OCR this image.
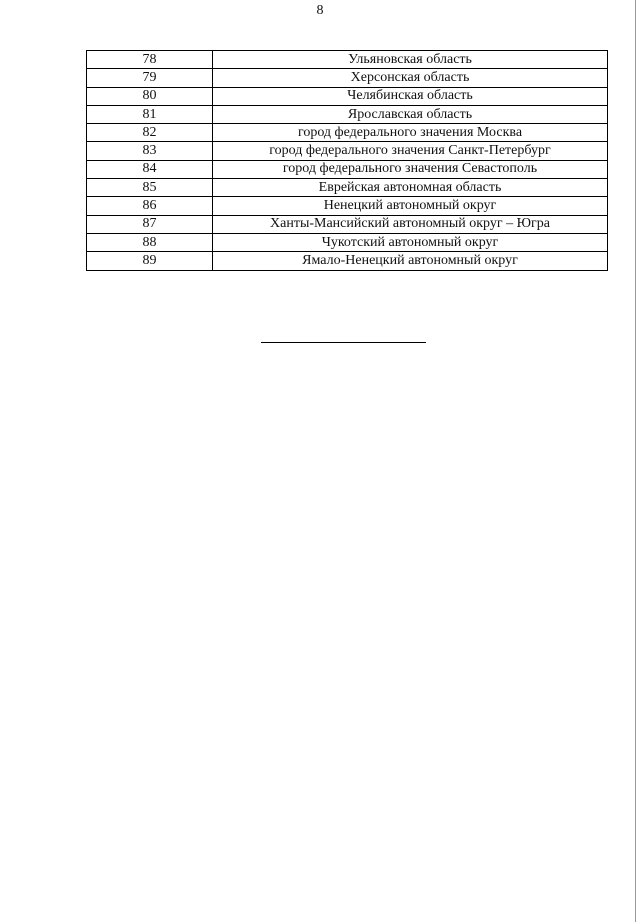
8
78	Ульяновская область
79	Херсонская область
80	Челябинская область
81	Ярославская область
82	город федерального значения Москва
83	город федерального значения Санкт-Петербург
84	город федерального значения Севастополь
85	Еврейская автономная область
86	Ненецкий автономный округ
87	Ханты-Мансийский автономный округ – Югра
88	Чукотский автономный округ
89	Ямало-Ненецкий автономный округ
